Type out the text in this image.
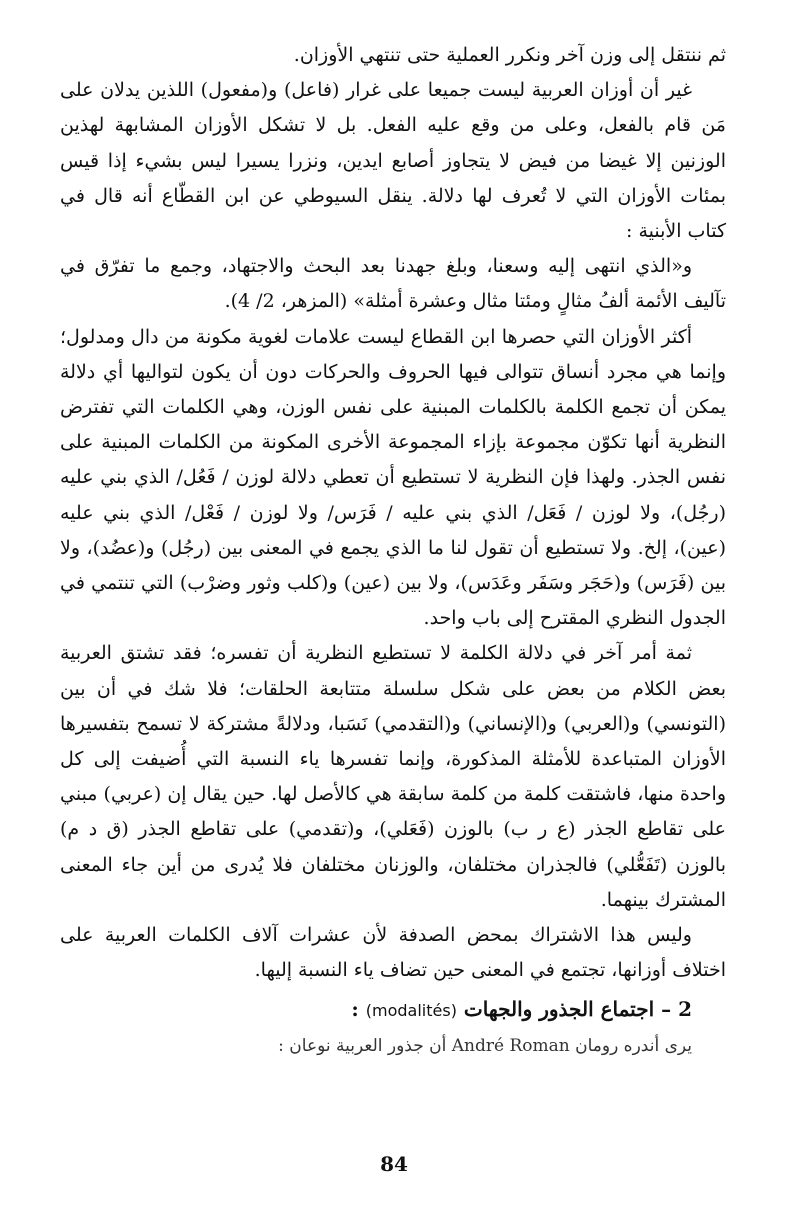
ثم ننتقل إلى وزن آخر ونكرر العملية حتى تنتهي الأوزان.

غير أن أوزان العربية ليست جميعا على غرار (فاعل) و(مفعول) اللذين يدلان على مَن قام بالفعل، وعلى من وقع عليه الفعل. بل لا تشكل الأوزان المشابهة لهذين الوزنين إلا غيضا من فيض لا يتجاوز أصابع ايدين، ونزرا يسيرا ليس بشيء إذا قيس بمئات الأوزان التي لا تُعرف لها دلالة. ينقل السيوطي عن ابن القطّاع أنه قال في كتاب الأبنية :

و«الذي انتهى إليه وسعنا، وبلغ جهدنا بعد البحث والاجتهاد، وجمع ما تفرّق في تآليف الأئمة ألفُ مثالٍ ومئتا مثال وعشرة أمثلة» (المزهر، 2/ 4).

أكثر الأوزان التي حصرها ابن القطاع ليست علامات لغوية مكونة من دال ومدلول؛ وإنما هي مجرد أنساق تتوالى فيها الحروف والحركات دون أن يكون لتواليها أي دلالة يمكن أن تجمع الكلمة بالكلمات المبنية على نفس الوزن، وهي الكلمات التي تفترض النظرية أنها تكوّن مجموعة بإزاء المجموعة الأخرى المكونة من الكلمات المبنية على نفس الجذر. ولهذا فإن النظرية لا تستطيع أن تعطي دلالة لوزن / فَعُل/ الذي بني عليه (رجُل)، ولا لوزن / فَعَل/ الذي بني عليه / فَرَس/ ولا لوزن / فَعْل/ الذي بني عليه (عين)، إلخ. ولا تستطيع أن تقول لنا ما الذي يجمع في المعنى بين (رجُل) و(عضُد)، ولا بين (فَرَس) و(حَجَر وسَفَر وعَدَس)، ولا بين (عين) و(كلب وثور وضرْب) التي تنتمي في الجدول النظري المقترح إلى باب واحد.

ثمة أمر آخر في دلالة الكلمة لا تستطيع النظرية أن تفسره؛ فقد تشتق العربية بعض الكلام من بعض على شكل سلسلة متتابعة الحلقات؛ فلا شك في أن بين (التونسي) و(العربي) و(الإنساني) و(التقدمي) نَسَبا، ودلالةً مشتركة لا تسمح بتفسيرها الأوزان المتباعدة للأمثلة المذكورة، وإنما تفسرها ياء النسبة التي أُضيفت إلى كل واحدة منها، فاشتقت كلمة من كلمة سابقة هي كالأصل لها. حين يقال إن (عربي) مبني على تقاطع الجذر (ع ر ب) بالوزن (فَعَلي)، و(تقدمي) على تقاطع الجذر (ق د م) بالوزن (تَفَعُّلي) فالجذران مختلفان، والوزنان مختلفان فلا يُدرى من أين جاء المعنى المشترك بينهما.

وليس هذا الاشتراك بمحض الصدفة لأن عشرات آلاف الكلمات العربية على اختلاف أوزانها، تجتمع في المعنى حين تضاف ياء النسبة إليها.

2 – اجتماع الجذور والجهات (modalités) :

يرى أندره رومان André Roman أن جذور العربية نوعان :

84
